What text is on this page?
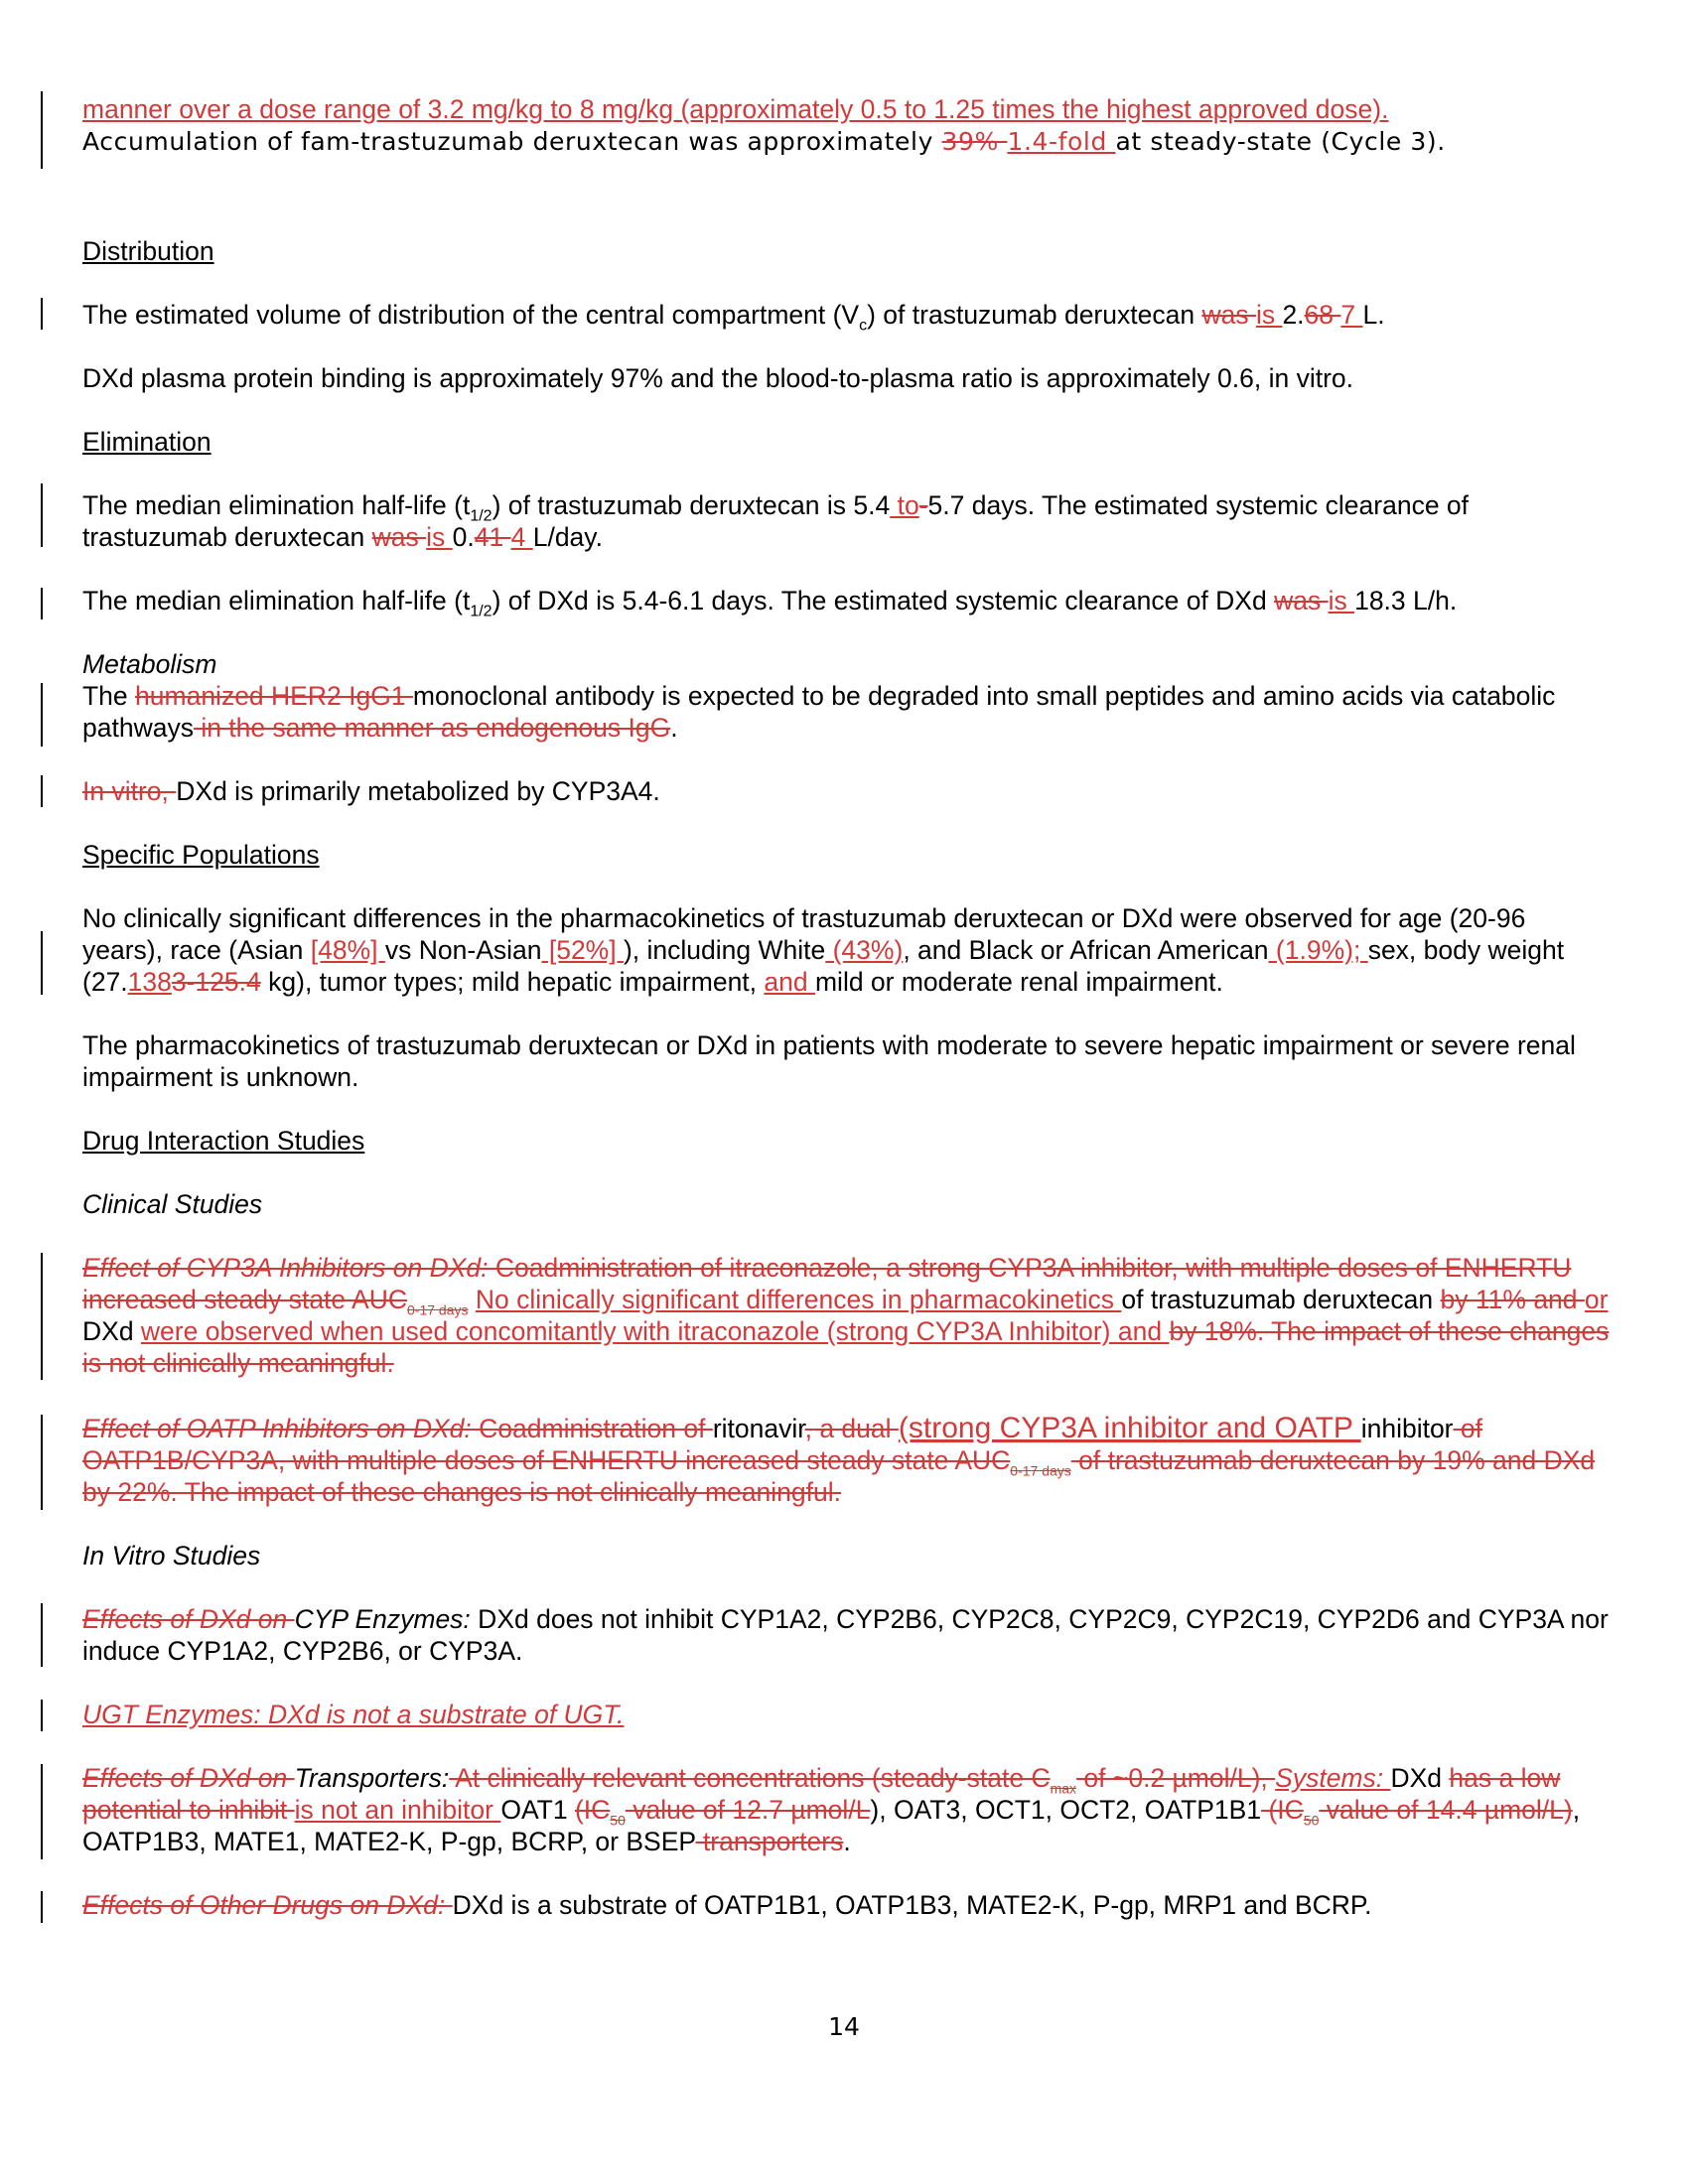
manner over a dose range of 3.2 mg/kg to 8 mg/kg (approximately 0.5 to 1.25 times the highest approved dose).
Accumulation of fam-trastuzumab deruxtecan was approximately 39% 1.4-fold at steady-state (Cycle 3).
Distribution
The estimated volume of distribution of the central compartment $(V_c)$ of trastuzumab deruxtecan was is 2.68 7 L.
DXd plasma protein binding is approximately 97% and the blood-to-plasma ratio is approximately 0.6, in vitro.
Elimination
The median elimination half-life $(t_{1/2})$ of trastuzumab deruxtecan is 5.4 to-5.7 days. The estimated systemic clearance of trastuzumab deruxtecan was is 0.41 4 L/day.
The median elimination half-life $(t_{1/2})$ of DXd is 5.4-6.1 days. The estimated systemic clearance of DXd was is 18.3 L/h.
Metabolism
The humanized HER2 IgG1 monoclonal antibody is expected to be degraded into small peptides and amino acids via catabolic pathways in the same manner as endogenous IgG.
In vitro, DXd is primarily metabolized by CYP3A4.
Specific Populations
No clinically significant differences in the pharmacokinetics of trastuzumab deruxtecan or DXd were observed for age (20-96 years), race (Asian [48%] vs Non-Asian [52%] ), including White (43%), and Black or African American (1.9%); sex, body weight (27.1383-125.4 kg), tumor types; mild hepatic impairment, and mild or moderate renal impairment.
The pharmacokinetics of trastuzumab deruxtecan or DXd in patients with moderate to severe hepatic impairment or severe renal impairment is unknown.
Drug Interaction Studies
Clinical Studies
Effect of CYP3A Inhibitors on DXd: Coadministration of itraconazole, a strong CYP3A inhibitor, with multiple doses of ENHERTU increased steady state $AUC_{0-17 days}$ No clinically significant differences in pharmacokinetics of trastuzumab deruxtecan by 11% and or DXd were observed when used concomitantly with itraconazole (strong CYP3A Inhibitor) and by 18%. The impact of these changes is not clinically meaningful.
Effect of OATP Inhibitors on DXd: Coadministration of ritonavir, a dual (strong CYP3A inhibitor and OATP inhibitor of OATP1B/CYP3A, with multiple doses of ENHERTU increased steady state $AUC_{0-17 days}$ of trastuzumab deruxtecan by 19% and DXd by 22%. The impact of these changes is not clinically meaningful.
In Vitro Studies
Effects of DXd on CYP Enzymes: DXd does not inhibit CYP1A2, CYP2B6, CYP2C8, CYP2C9, CYP2C19, CYP2D6 and CYP3A nor induce CYP1A2, CYP2B6, or CYP3A.
UGT Enzymes: DXd is not a substrate of UGT.
Effects of DXd on Transporters: At clinically relevant concentrations (steady-state $C_{max}$ of ~0.2 µmol/L), Systems: DXd has a low potential to inhibit is not an inhibitor OAT1 ($IC_{50}$ value of 12.7 µmol/L), OAT3, OCT1, OCT2, OATP1B1 ($IC_{50}$ value of 14.4 µmol/L), OATP1B3, MATE1, MATE2-K, P-gp, BCRP, or BSEP transporters.
Effects of Other Drugs on DXd: DXd is a substrate of OATP1B1, OATP1B3, MATE2-K, P-gp, MRP1 and BCRP.
14
